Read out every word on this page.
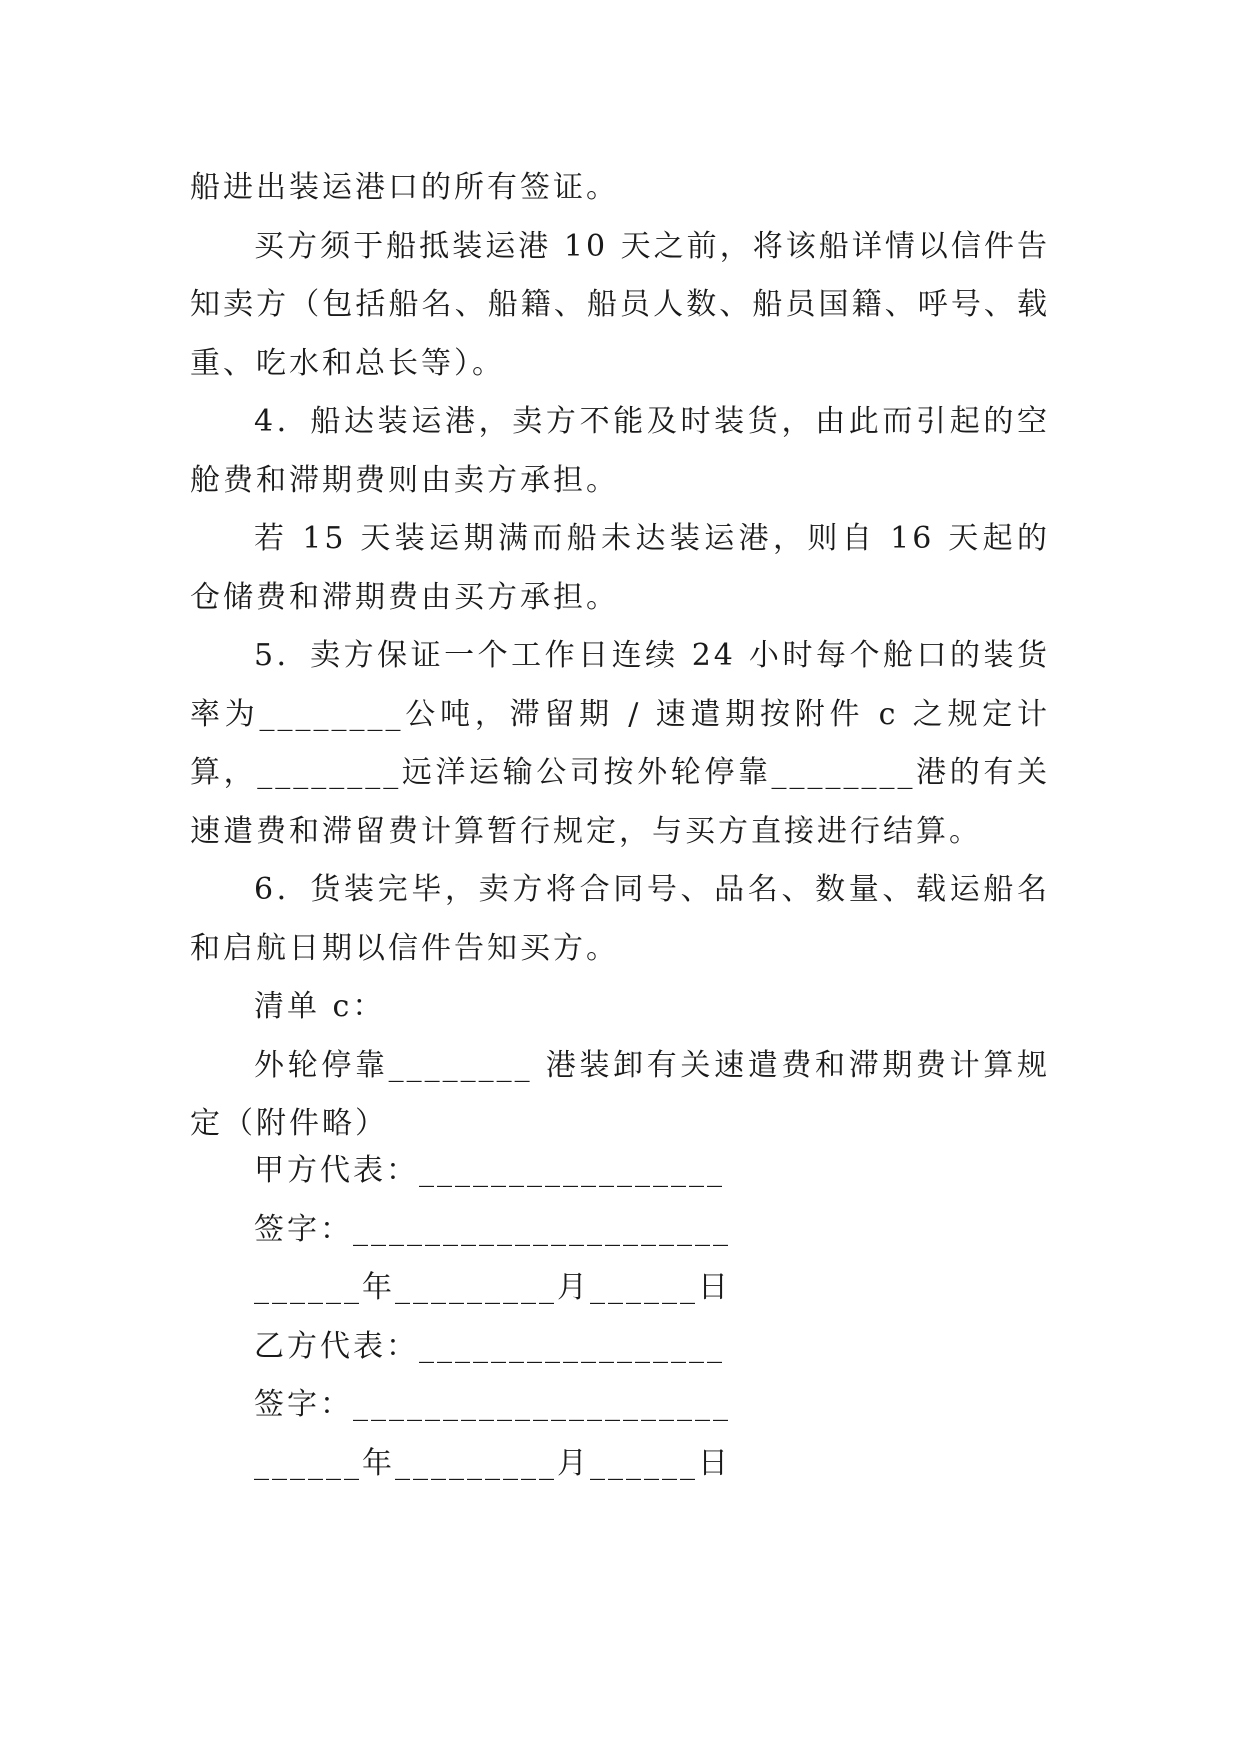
船进出装运港口的所有签证。

买方须于船抵装运港 10 天之前，将该船详情以信件告知卖方（包括船名、船籍、船员人数、船员国籍、呼号、载重、吃水和总长等）。

4．船达装运港，卖方不能及时装货，由此而引起的空舱费和滞期费则由卖方承担。

若 15 天装运期满而船未达装运港，则自 16 天起的仓储费和滞期费由买方承担。

5．卖方保证一个工作日连续 24 小时每个舱口的装货率为________公吨，滞留期 / 速遣期按附件 c 之规定计算，________远洋运输公司按外轮停靠________港的有关速遣费和滞留费计算暂行规定，与买方直接进行结算。

6．货装完毕，卖方将合同号、品名、数量、载运船名和启航日期以信件告知买方。

清单 c：

外轮停靠________ 港装卸有关速遣费和滞期费计算规定（附件略）

甲方代表：_________________

签字：_____________________

______年_________月______日

乙方代表：_________________

签字：_____________________

______年_________月______日
